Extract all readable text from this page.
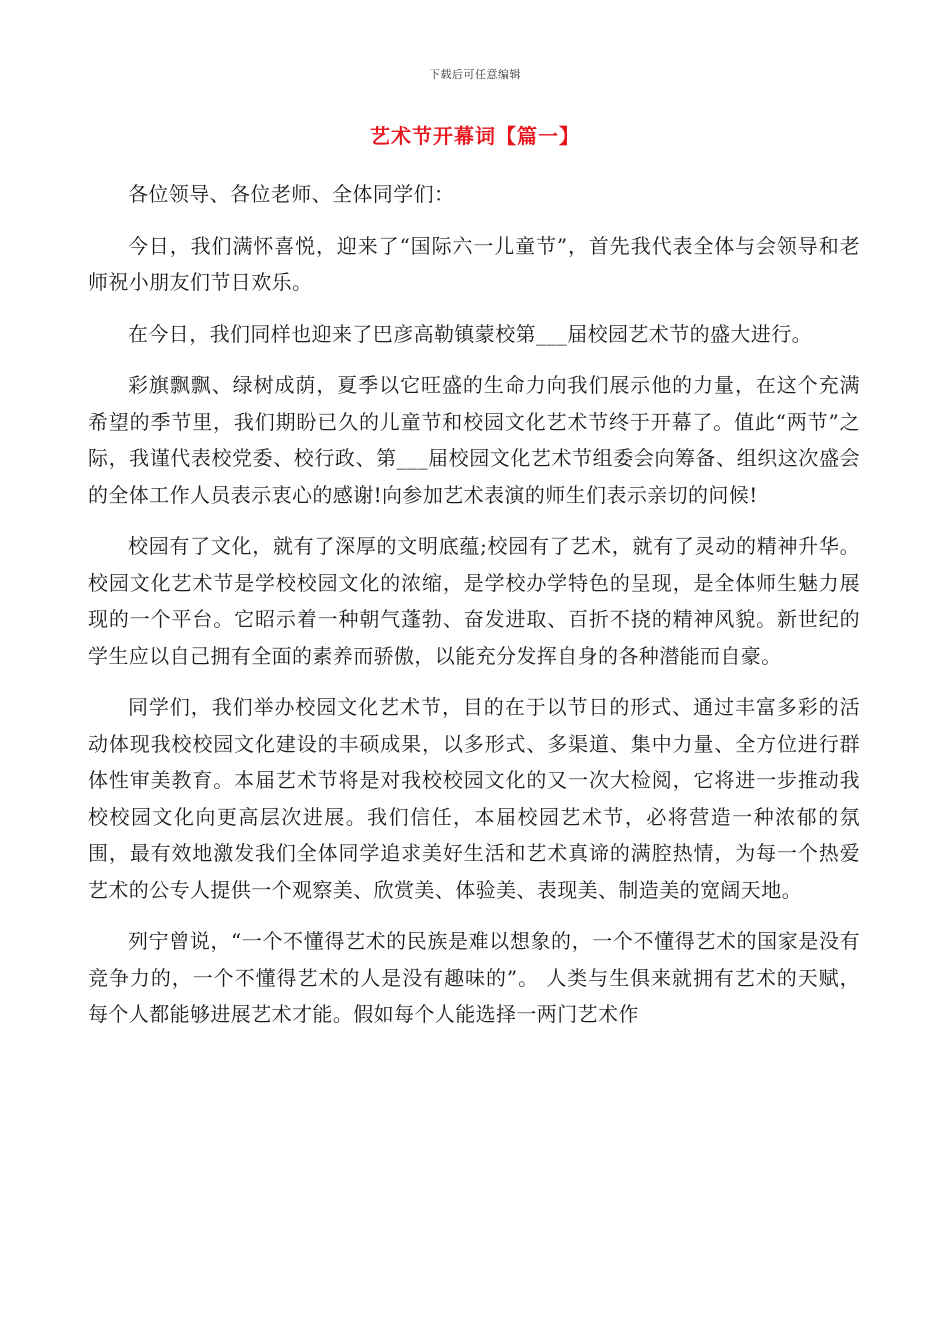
下载后可任意编辑
艺术节开幕词【篇一】

各位领导、各位老师、全体同学们：

今日，我们满怀喜悦，迎来了“国际六一儿童节”，首先我代表全体与会领导和老师祝小朋友们节日欢乐。

在今日，我们同样也迎来了巴彦高勒镇蒙校第___届校园艺术节的盛大进行。

彩旗飘飘、绿树成荫，夏季以它旺盛的生命力向我们展示他的力量，在这个充满希望的季节里，我们期盼已久的儿童节和校园文化艺术节终于开幕了。值此“两节”之际，我谨代表校党委、校行政、第___届校园文化艺术节组委会向筹备、组织这次盛会的全体工作人员表示衷心的感谢!向参加艺术表演的师生们表示亲切的问候!

校园有了文化，就有了深厚的文明底蕴;校园有了艺术，就有了灵动的精神升华。校园文化艺术节是学校校园文化的浓缩，是学校办学特色的呈现，是全体师生魅力展现的一个平台。它昭示着一种朝气蓬勃、奋发进取、百折不挠的精神风貌。新世纪的学生应以自己拥有全面的素养而骄傲，以能充分发挥自身的各种潜能而自豪。

同学们，我们举办校园文化艺术节，目的在于以节日的形式、通过丰富多彩的活动体现我校校园文化建设的丰硕成果，以多形式、多渠道、集中力量、全方位进行群体性审美教育。本届艺术节将是对我校校园文化的又一次大检阅，它将进一步推动我校校园文化向更高层次进展。我们信任，本届校园艺术节，必将营造一种浓郁的氛围，最有效地激发我们全体同学追求美好生活和艺术真谛的满腔热情，为每一个热爱艺术的公专人提供一个观察美、欣赏美、体验美、表现美、制造美的宽阔天地。

列宁曾说，“一个不懂得艺术的民族是难以想象的，一个不懂得艺术的国家是没有竞争力的，一个不懂得艺术的人是没有趣味的”。 人类与生俱来就拥有艺术的天赋，每个人都能够进展艺术才能。假如每个人能选择一两门艺术作
